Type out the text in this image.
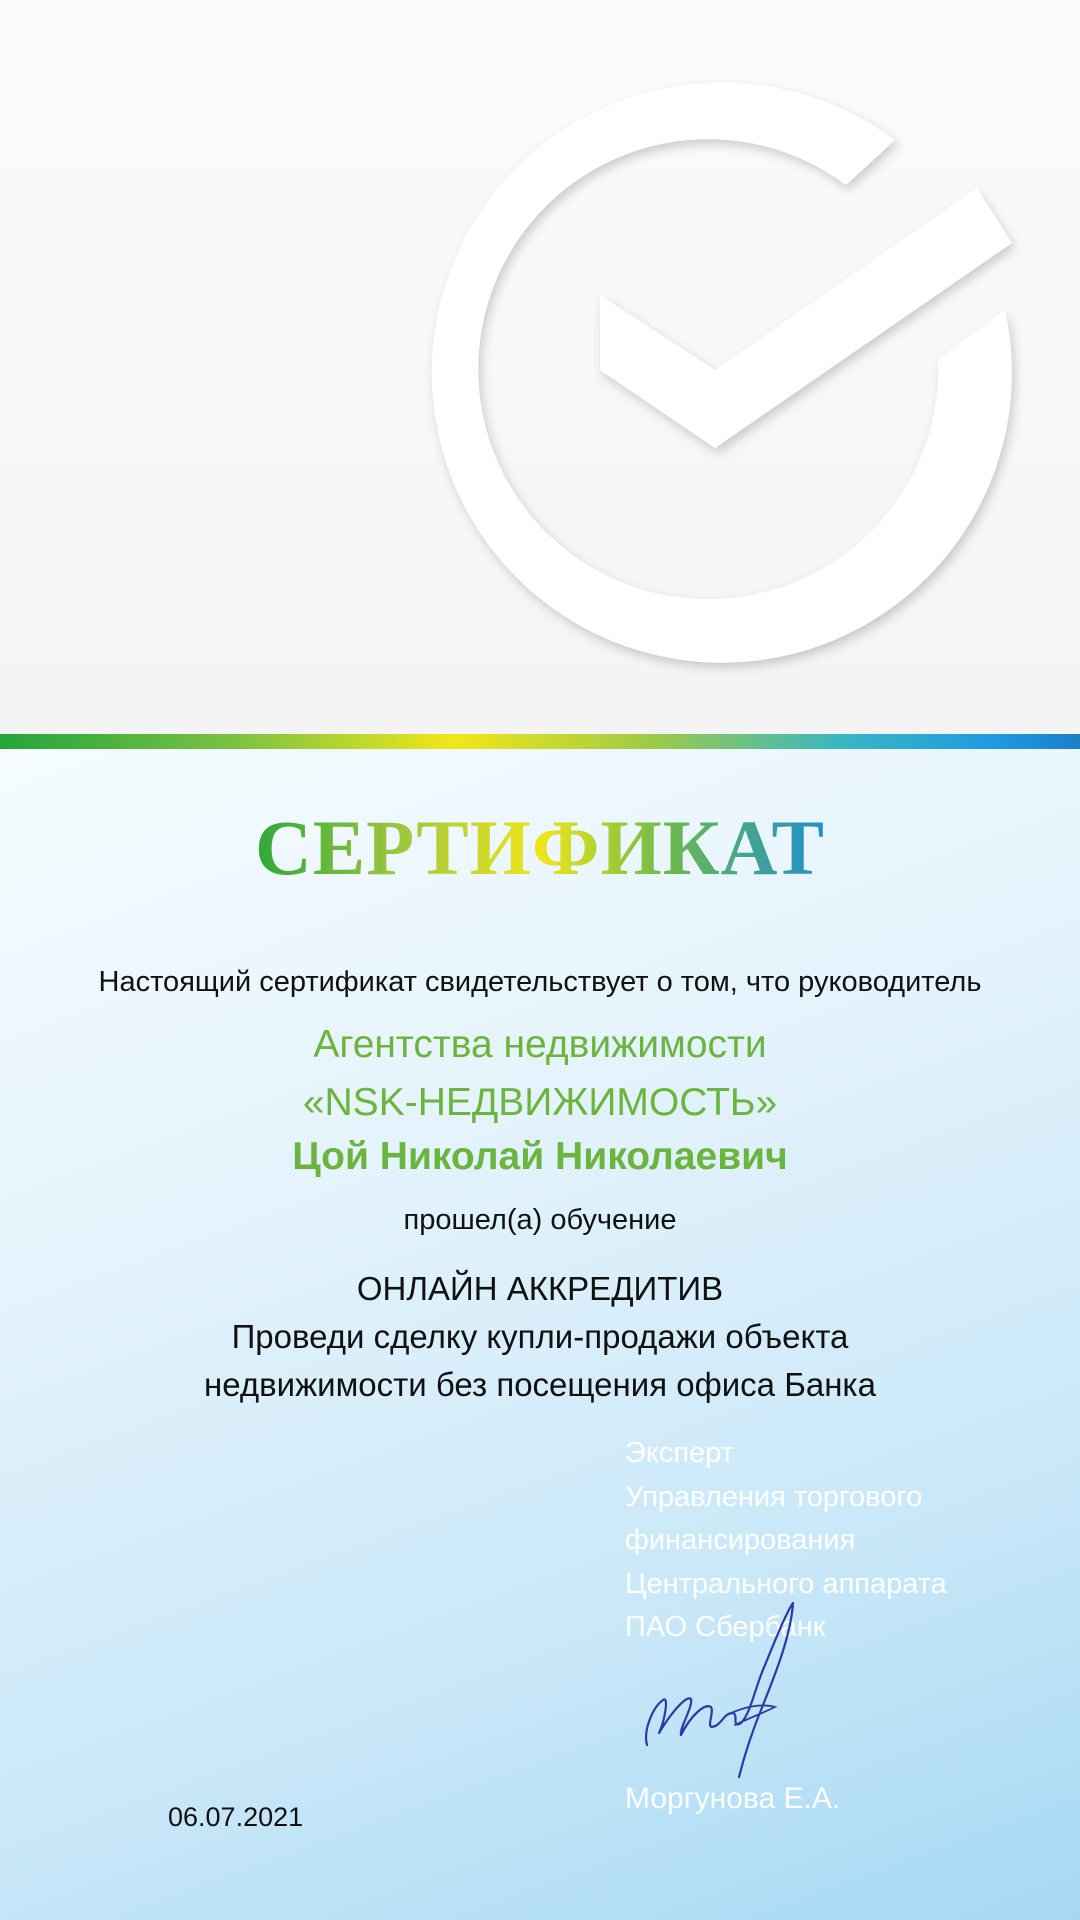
СЕРТИФИКАТ
Настоящий сертификат свидетельствует о том, что руководитель
Агентства недвижимости
«NSK-НЕДВИЖИМОСТЬ»
Цой Николай Николаевич
прошел(а) обучение
ОНЛАЙН АККРЕДИТИВ
Проведи сделку купли-продажи объекта
недвижимости без посещения офиса Банка
Эксперт
Управления торгового
финансирования
Центрального аппарата
ПАО Сбербанк
Моргунова Е.А.
06.07.2021
